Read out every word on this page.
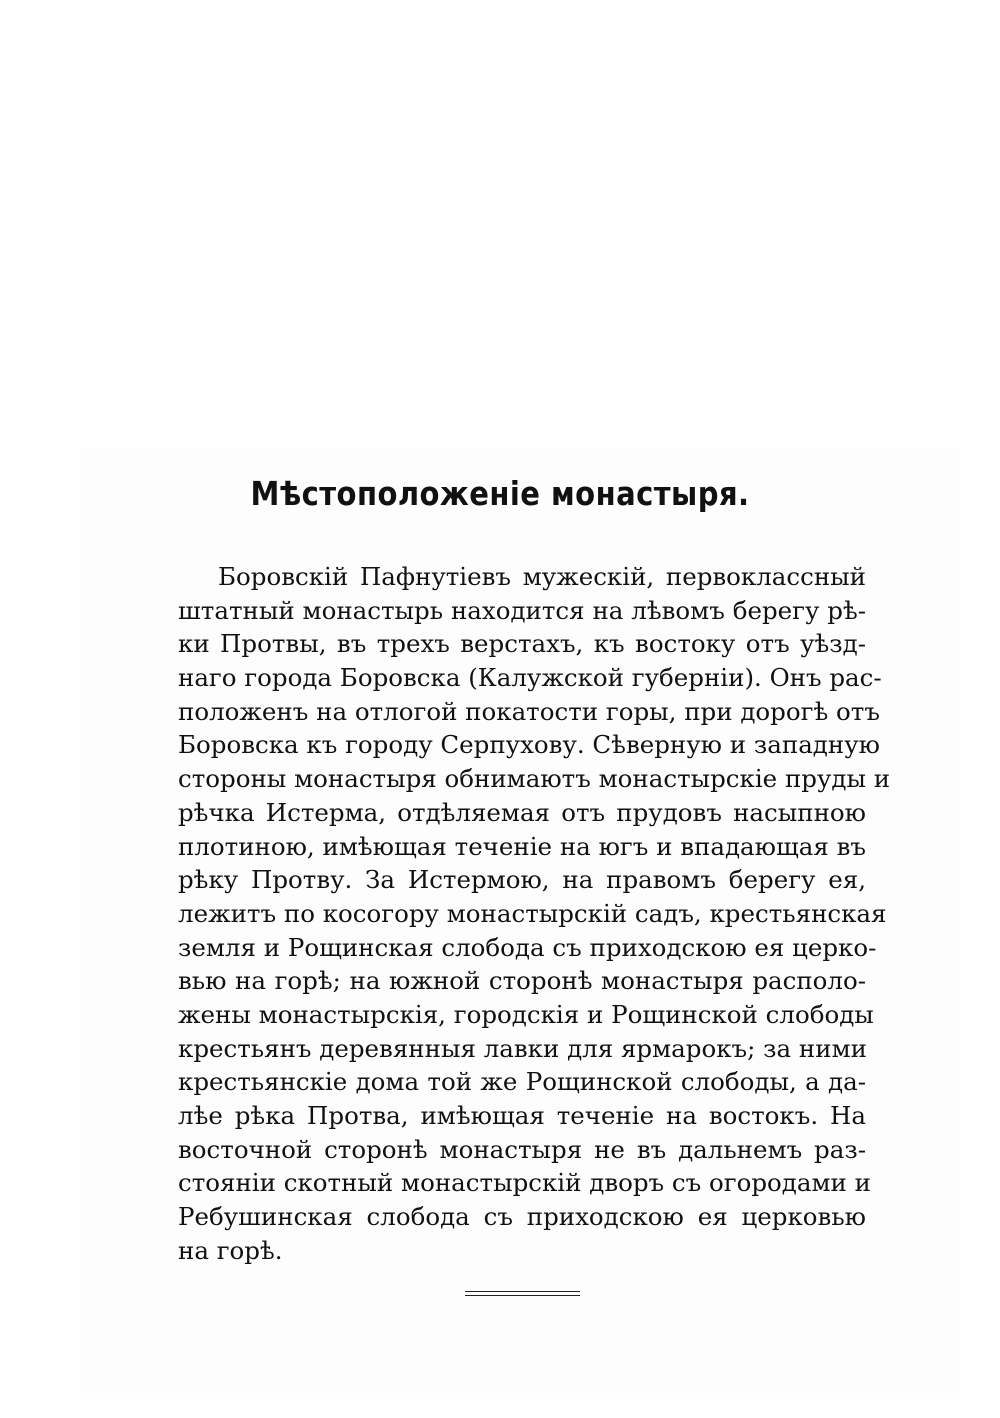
Мѣстоположеніе монастыря.
Боровскій Пафнутіевъ мужескій, первоклассный
штатный монастырь находится на лѣвомъ берегу рѣ-
ки Протвы, въ трехъ верстахъ, къ востоку отъ уѣзд-
наго города Боровска (Калужской губерніи). Онъ рас-
положенъ на отлогой покатости горы, при дорогѣ отъ
Боровска къ городу Серпухову. Сѣверную и западную
стороны монастыря обнимаютъ монастырскіе пруды и
рѣчка Истерма, отдѣляемая отъ прудовъ насыпною
плотиною, имѣющая теченіе на югъ и впадающая въ
рѣку Протву. За Истермою, на правомъ берегу ея,
лежитъ по косогору монастырскій садъ, крестьянская
земля и Рощинская слобода съ приходскою ея церко-
вью на горѣ; на южной сторонѣ монастыря располо-
жены монастырскія, городскія и Рощинской слободы
крестьянъ деревянныя лавки для ярмарокъ; за ними
крестьянскіе дома той же Рощинской слободы, а да-
лѣе рѣка Протва, имѣющая теченіе на востокъ. На
восточной сторонѣ монастыря не въ дальнемъ раз-
стояніи скотный монастырскій дворъ съ огородами и
Ребушинская слобода съ приходскою ея церковью
на горѣ.
